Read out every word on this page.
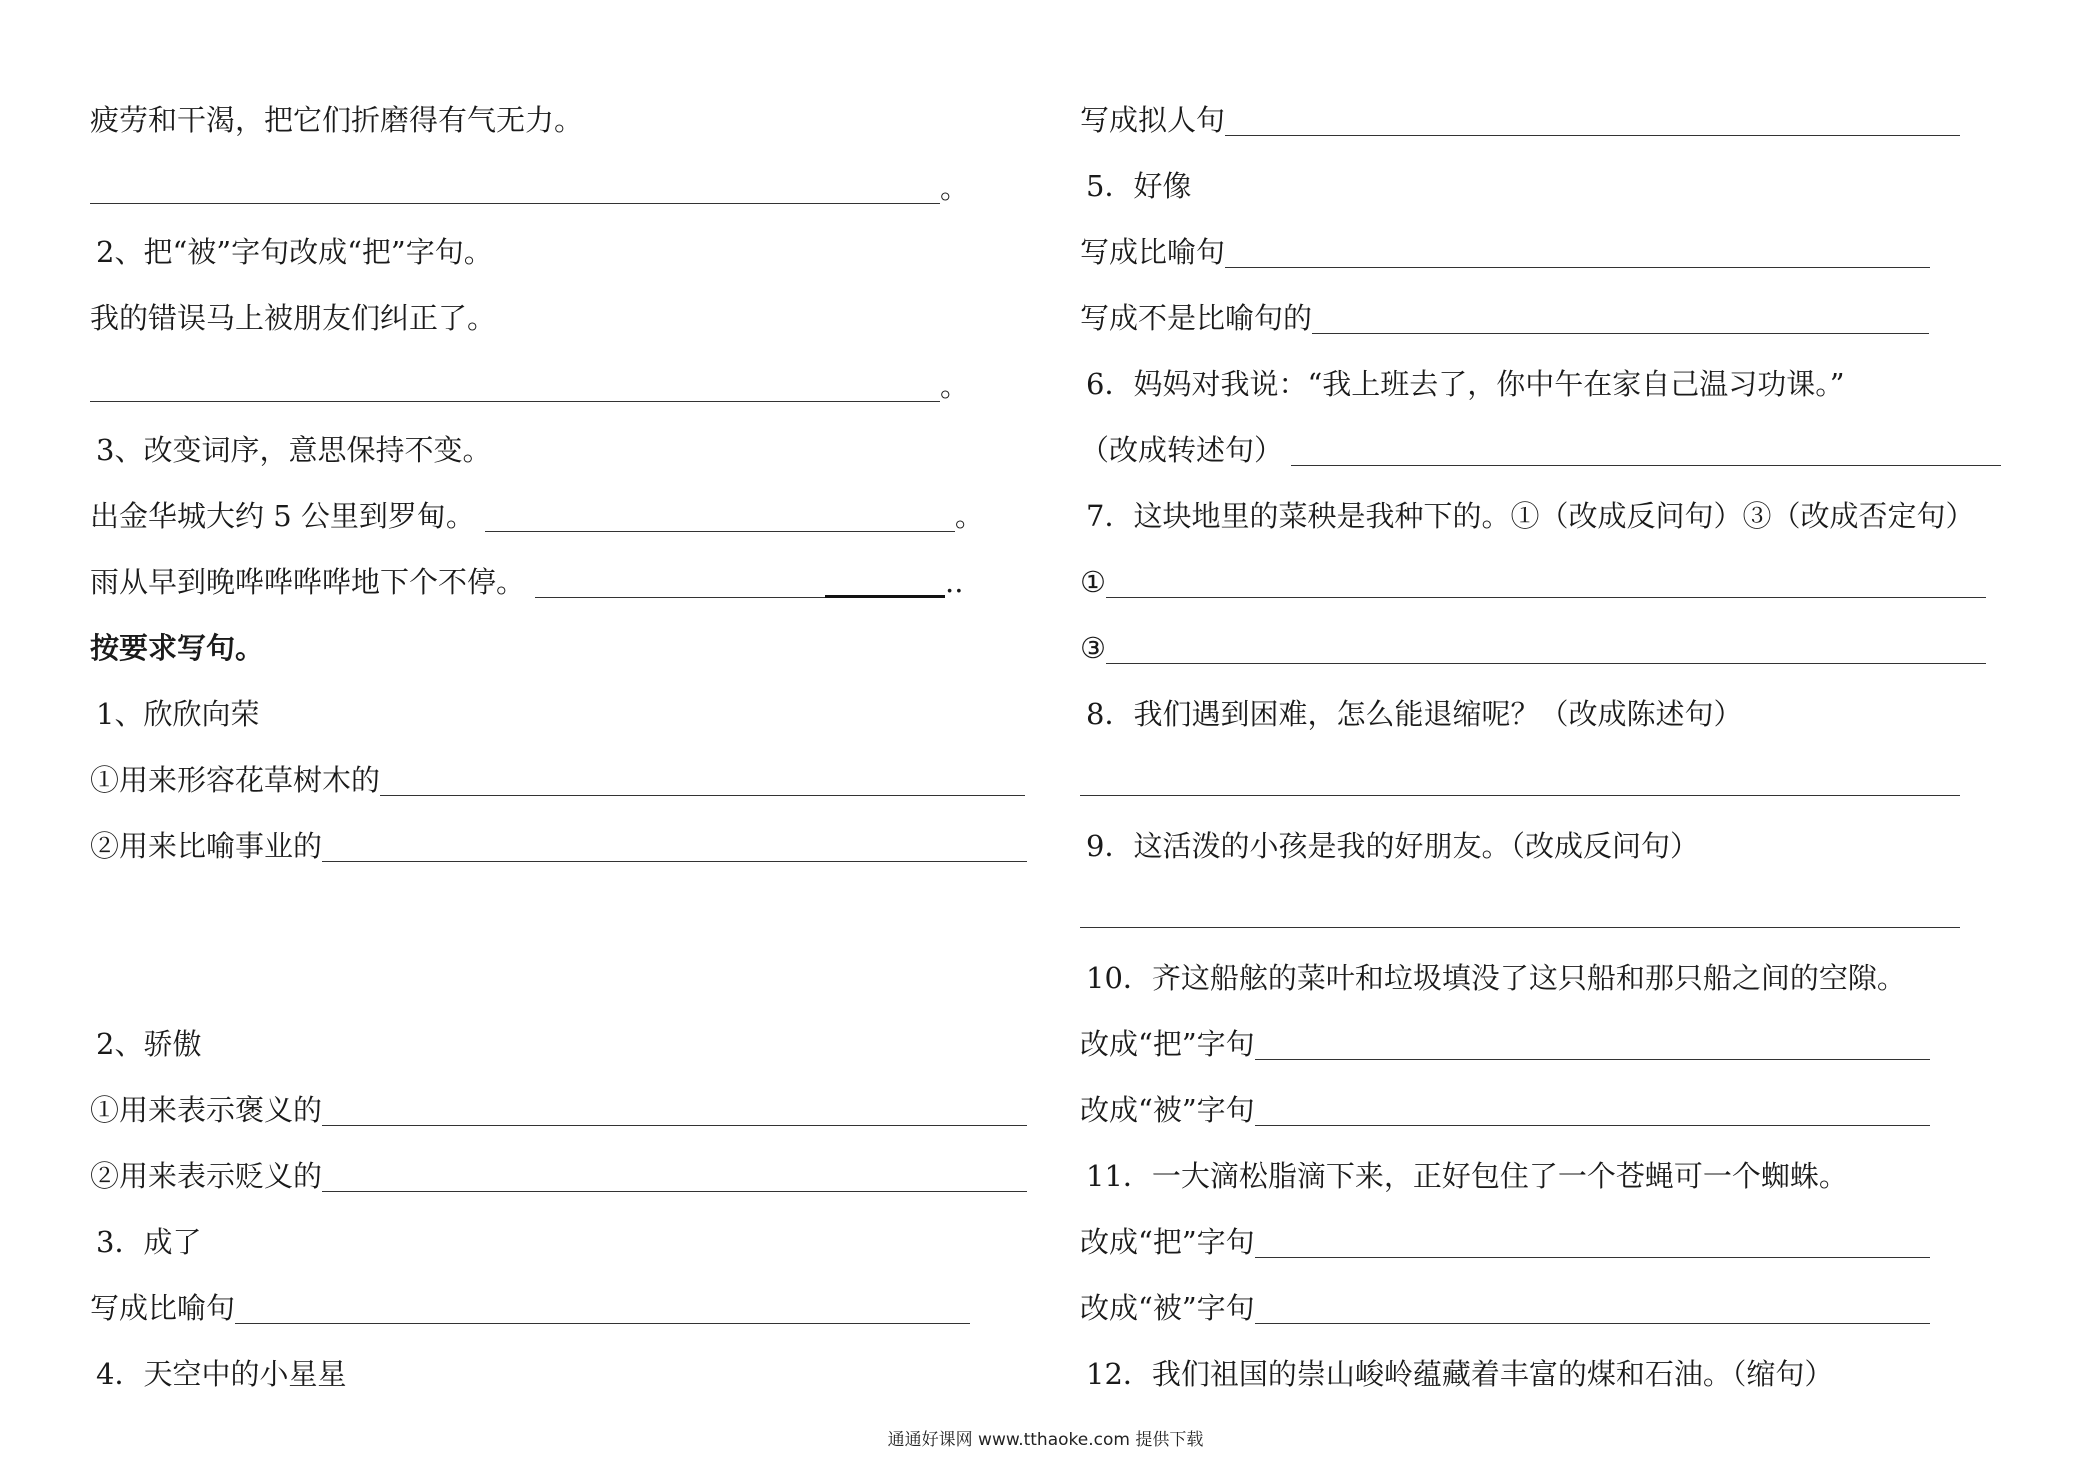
疲劳和干渴，把它们折磨得有气无力。
。
2、把“被”字句改成“把”字句。
我的错误马上被朋友们纠正了。
。
3、改变词序，意思保持不变。
出金华城大约 5 公里到罗甸。	。
雨从早到晚哗哗哗哗地下个不停。	..
按要求写句。
1、欣欣向荣
①用来形容花草树木的
②用来比喻事业的
2、骄傲
①用来表示褒义的
②用来表示贬义的
3．成了
写成比喻句
4．天空中的小星星
写成拟人句
5．好像
写成比喻句
写成不是比喻句的
6．妈妈对我说：“我上班去了，你中午在家自己温习功课。”
（改成转述句）
7．这块地里的菜秧是我种下的。①（改成反问句）③（改成否定句）
①
③
8．我们遇到困难，怎么能退缩呢？（改成陈述句）
9．这活泼的小孩是我的好朋友。（改成反问句）
10．齐这船舷的菜叶和垃圾填没了这只船和那只船之间的空隙。
改成“把”字句
改成“被”字句
11．一大滴松脂滴下来，正好包住了一个苍蝇可一个蜘蛛。
改成“把”字句
改成“被”字句
12．我们祖国的崇山峻岭蕴藏着丰富的煤和石油。（缩句）
通通好课网 www.tthaoke.com 提供下载
